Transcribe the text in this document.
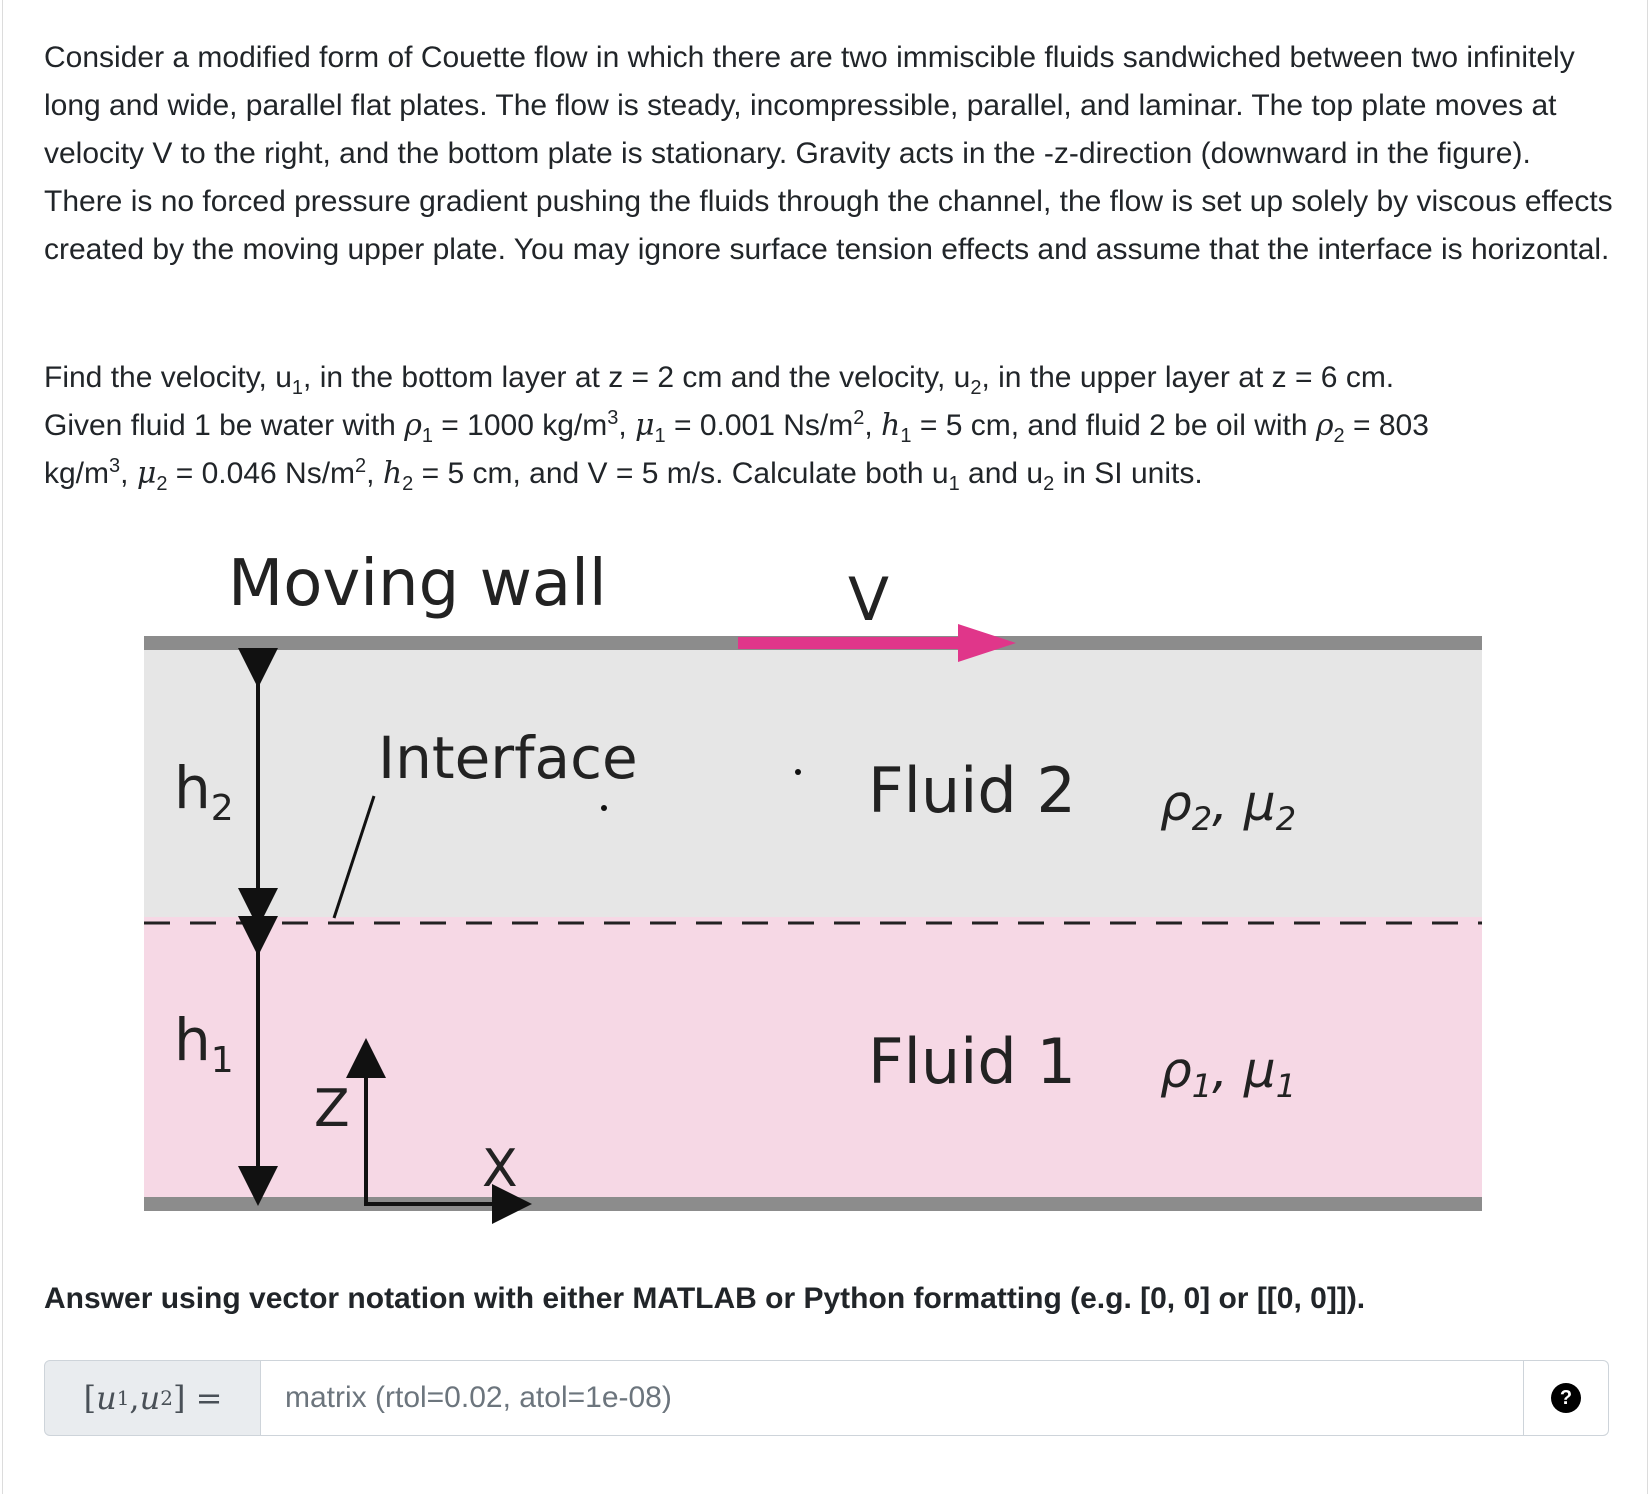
Consider a modified form of Couette flow in which there are two immiscible fluids sandwiched between two infinitely long and wide, parallel flat plates. The flow is steady, incompressible, parallel, and laminar. The top plate moves at velocity V to the right, and the bottom plate is stationary. Gravity acts in the -z-direction (downward in the figure). There is no forced pressure gradient pushing the fluids through the channel, the flow is set up solely by viscous effects created by the moving upper plate. You may ignore surface tension effects and assume that the interface is horizontal.

Find the velocity, $u_1$, in the bottom layer at z = 2 cm and the velocity, $u_2$, in the upper layer at z = 6 cm.
Given fluid 1 be water with $\rho_1 = 1000$ $kg/m^3$, $\mu_1 = 0.001$ $Ns/m^2$, $h_1 = 5$ cm, and fluid 2 be oil with $\rho_2 = 803$
$kg/m^3$, $\mu_2 = 0.046$ $Ns/m^2$, $h_2 = 5$ cm, and V = 5 m/s. Calculate both $u_1$ and $u_2$ in SI units.

Moving wall	V
$h_2$
$h_1$
Interface	Fluid 2 $\rho_2$, $\mu_2$
Fluid 1 $\rho_1$, $\mu_1$
Z
X

Answer using vector notation with either MATLAB or Python formatting (e.g. [0, 0] or [[0, 0]]).

[ u 1 , u 2 ] =
matrix (rtol=0.02, atol=1e-08)	?
